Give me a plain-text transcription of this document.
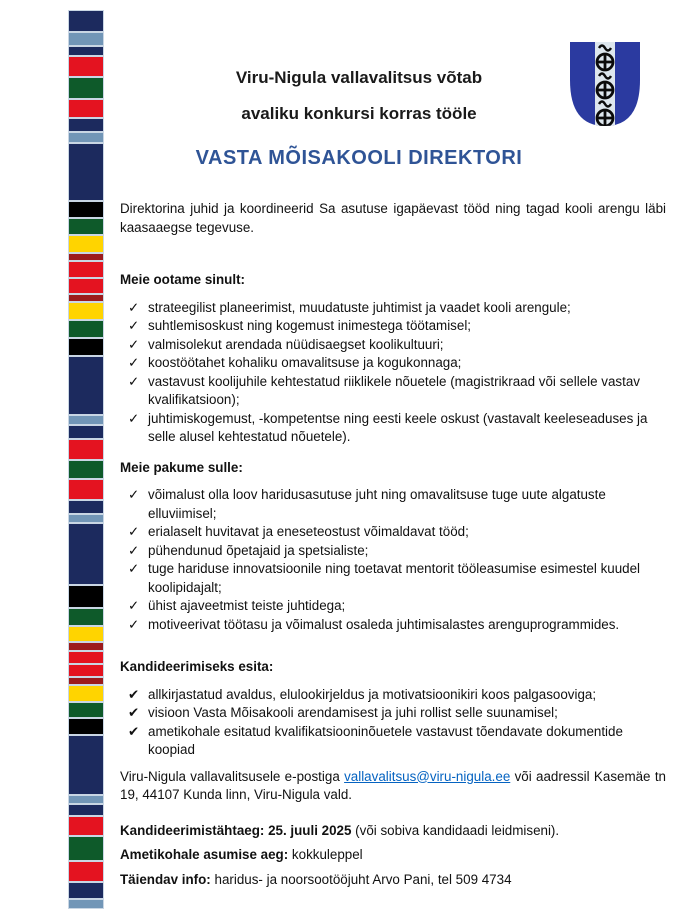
Viru-Nigula vallavalitsus võtab
avaliku konkursi korras tööle
VASTA MÕISAKOOLI DIREKTORI

Direktorina juhid ja koordineerid Sa asutuse igapäevast tööd ning tagad kooli arengu läbi kaasaaegse tegevuse.

Meie ootame sinult:
✓ strateegilist planeerimist, muudatuste juhtimist ja vaadet kooli arengule;
✓ suhtlemisoskust ning kogemust inimestega töötamisel;
✓ valmisolekut arendada nüüdisaegset koolikultuuri;
✓ koostöötahet kohaliku omavalitsuse ja kogukonnaga;
✓ vastavust koolijuhile kehtestatud riiklikele nõuetele (magistrikraad või sellele vastav kvalifikatsioon);
✓ juhtimiskogemust, -kompetentse ning eesti keele oskust (vastavalt keeleseaduses ja selle alusel kehtestatud nõuetele).
Meie pakume sulle:
✓ võimalust olla loov haridusasutuse juht ning omavalitsuse tuge uute algatuste elluviimisel;
✓ erialaselt huvitavat ja eneseteostust võimaldavat tööd;
✓ pühendunud õpetajaid ja spetsialiste;
✓ tuge hariduse innovatsioonile ning toetavat mentorit tööleasumise esimestel kuudel koolipidajalt;
✓ ühist ajaveetmist teiste juhtidega;
✓ motiveerivat töötasu ja võimalust osaleda juhtimisalastes arenguprogrammides.
Kandideerimiseks esita:
✔ allkirjastatud avaldus, elulookirjeldus ja motivatsioonikiri koos palgasooviga;
✔ visioon Vasta Mõisakooli arendamisest ja juhi rollist selle suunamisel;
✔ ametikohale esitatud kvalifikatsiooninõuetele vastavust tõendavate dokumentide koopiad

Viru-Nigula vallavalitsusele e-postiga vallavalitsus@viru-nigula.ee või aadressil Kasemäe tn 19, 44107 Kunda linn, Viru-Nigula vald.

Kandideerimistähtaeg: 25. juuli 2025 (või sobiva kandidaadi leidmiseni).

Ametikohale asumise aeg: kokkuleppel

Täiendav info: haridus- ja noorsootööjuht Arvo Pani, tel 509 4734
